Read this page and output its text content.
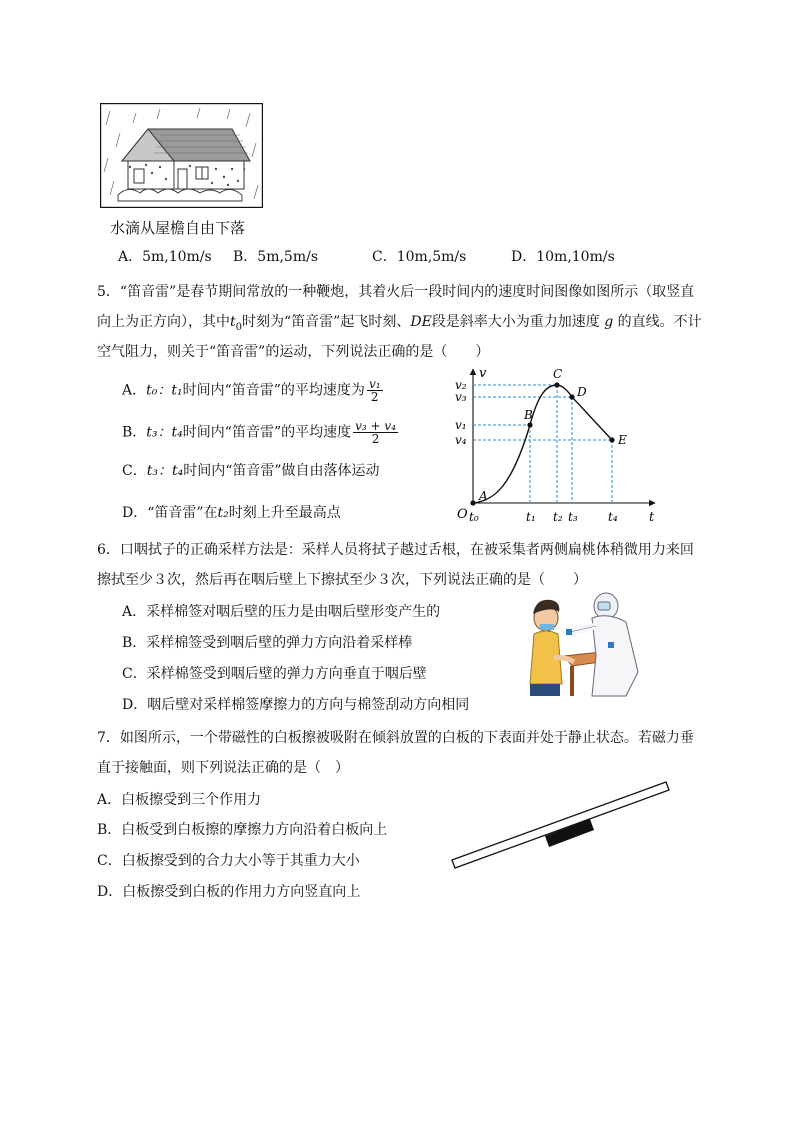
水滴从屋檐自由下落
A．5m,10m/s B．5m,5m/s	C．10m,5m/s	D．10m,10m/s
5．“笛音雷”是春节期间常放的一种鞭炮，其着火后一段时间内的速度时间图像如图所示（取竖直
向上为正方向），其中$t_0$时刻为“笛音雷”起飞时刻、DE段是斜率大小为重力加速度 g 的直线。不计
空气阻力，则关于“笛音雷”的运动，下列说法正确的是（　　）
A．t₀：t₁时间内“笛音雷”的平均速度为 $\frac{\text{v₁}}{2}$
B．t₃：t₄时间内“笛音雷”的平均速度 $\frac{\text{v₃ + v₄}}{2}$
C．t₃：t₄时间内“笛音雷”做自由落体运动
D．“笛音雷”在t₂时刻上升至最高点
A
B
C
D
E
t₀	t₁ t₂ t₃	t₄
v₂
v₃
v₁
v₄
O	t
v
6．口咽拭子的正确采样方法是：采样人员将拭子越过舌根，在被采集者两侧扁桃体稍微用力来回
擦拭至少３次，然后再在咽后壁上下擦拭至少３次，下列说法正确的是（　　）
A．采样棉签对咽后壁的压力是由咽后壁形变产生的
B．采样棉签受到咽后壁的弹力方向沿着采样棒
C．采样棉签受到咽后壁的弹力方向垂直于咽后壁
D．咽后壁对采样棉签摩擦力的方向与棉签刮动方向相同
7．如图所示，一个带磁性的白板擦被吸附在倾斜放置的白板的下表面并处于静止状态。若磁力垂
直于接触面，则下列说法正确的是（　）
A．白板擦受到三个作用力
B．白板受到白板擦的摩擦力方向沿着白板向上
C．白板擦受到的合力大小等于其重力大小
D．白板擦受到白板的作用力方向竖直向上
